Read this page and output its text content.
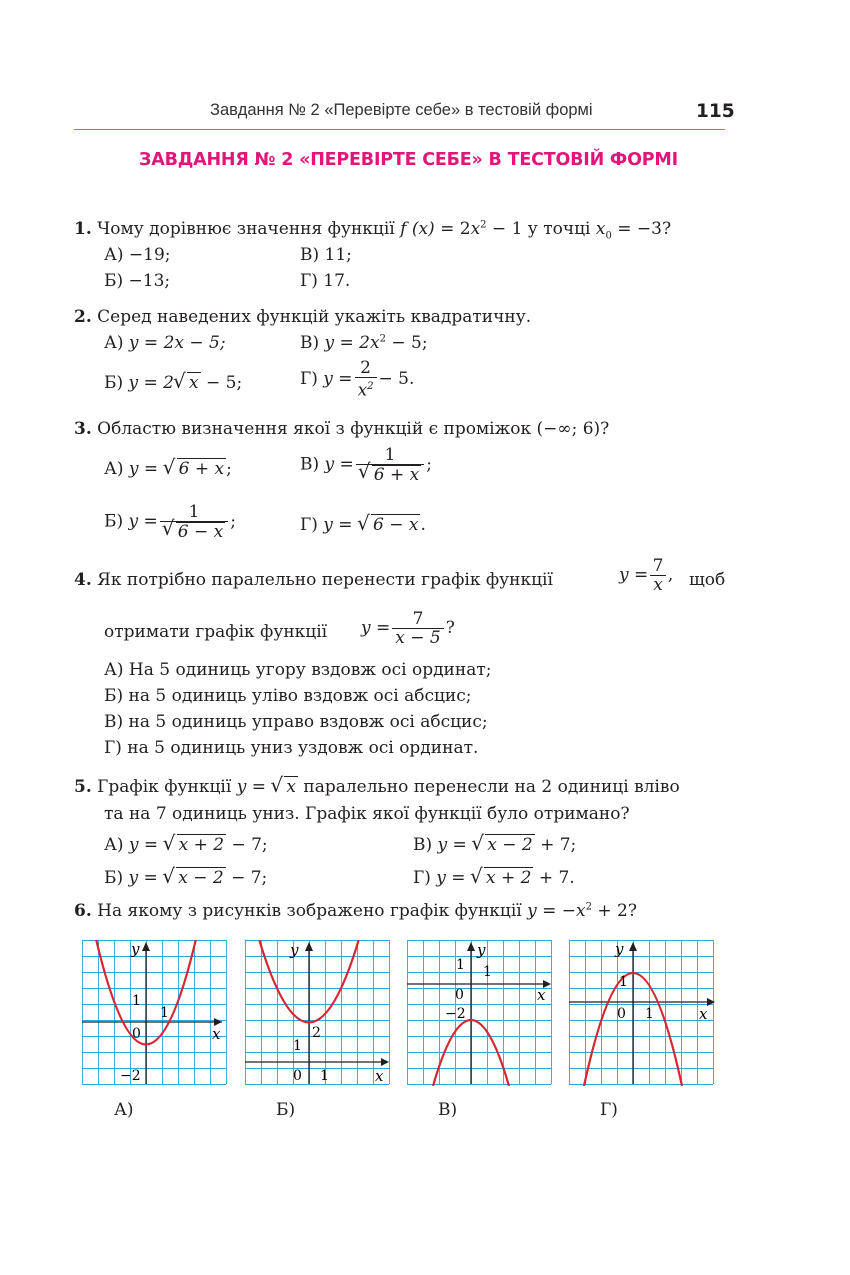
Завдання № 2 «Перевірте себе» в тестовій формі	115
ЗАВДАННЯ № 2 «ПЕРЕВІРТЕ СЕБЕ» В ТЕСТОВІЙ ФОРМІ
1. Чому дорівнює значення функції f $(x) = 2x^2 - 1$ у точці $x_0 = -3$?
А) −19;	В) 11;
Б) −13;	Г) 17.
2. Серед наведених функцій укажіть квадратичну.
А) y = 2x − 5;	В) $y = 2x^2 - 5$;
Б) y = 2 √ x − 5;	Г) $y = \frac{2}{x^2} - 5$.
3. Областю визначення якої з функцій є проміжок (−∞; 6)?
А) y = √ 6 + x ;	В) y = 1
√ 6 + x ;
Б) y = 1
√ 6 − x ;	Г) y = √ 6 − x .
4. Як потрібно паралельно перенести графік функції	$y = \frac{7}{x}$ , щоб
отримати графік функції $y = \frac{7}{x - 5}$ ?
А) На 5 одиниць угору вздовж осі ординат;
Б) на 5 одиниць уліво вздовж осі абсцис;
В) на 5 одиниць управо вздовж осі абсцис;
Г) на 5 одиниць униз уздовж осі ординат.
5. Графік функції y = √ x паралельно перенесли на 2 одиниці вліво
та на 7 одиниць униз. Графік якої функції було отримано?
А) y = √ x + 2 − 7;	В) y = √ x − 2 + 7;
Б) y = √ x − 2 − 7;	Г) y = √ x + 2 + 7.
6. На якому з рисунків зображено графік функції $y = -x^2 + 2$?
y
x
1
1
0
−2
y
x
1
1
0
2
y
x
1 1
0
−2
y
x
1
1
0
А)	Б)	В)	Г)
